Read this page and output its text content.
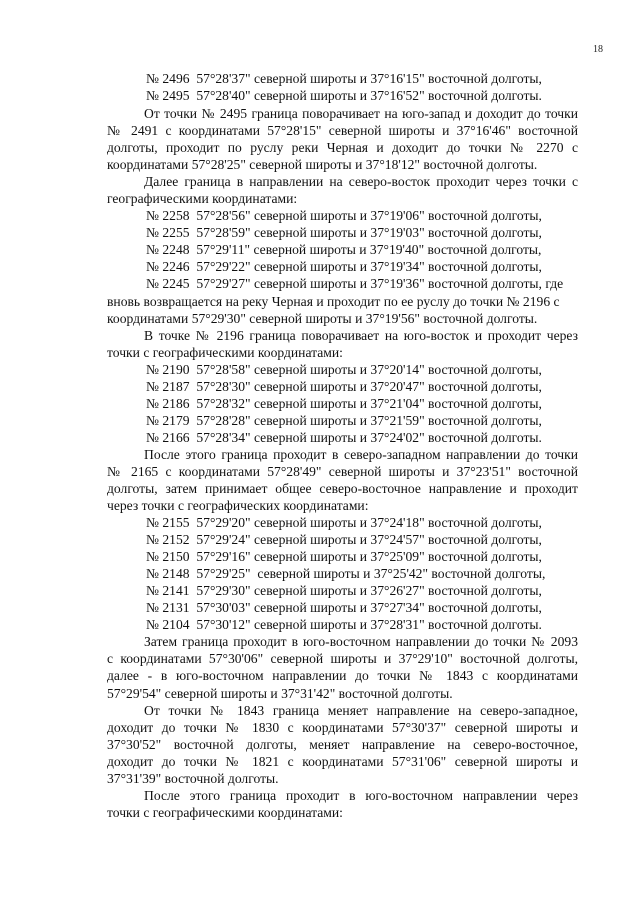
18
№ 2496  57°28'37" северной широты и 37°16'15" восточной долготы,
№ 2495  57°28'40" северной широты и 37°16'52" восточной долготы.
От точки № 2495 граница поворачивает на юго-запад и доходит до точки
№ 2491 с координатами 57°28'15" северной широты и 37°16'46" восточной
долготы, проходит по руслу реки Черная и доходит до точки № 2270 с
координатами 57°28'25" северной широты и 37°18'12" восточной долготы.
Далее граница в направлении на северо-восток проходит через точки с
географическими координатами:
№ 2258  57°28'56" северной широты и 37°19'06" восточной долготы,
№ 2255  57°28'59" северной широты и 37°19'03" восточной долготы,
№ 2248  57°29'11" северной широты и 37°19'40" восточной долготы,
№ 2246  57°29'22" северной широты и 37°19'34" восточной долготы,
№ 2245  57°29'27" северной широты и 37°19'36" восточной долготы, где
вновь возвращается на реку Черная и проходит по ее руслу до точки № 2196 с
координатами 57°29'30" северной широты и 37°19'56" восточной долготы.
В точке № 2196 граница поворачивает на юго-восток и проходит через
точки с географическими координатами:
№ 2190  57°28'58" северной широты и 37°20'14" восточной долготы,
№ 2187  57°28'30" северной широты и 37°20'47" восточной долготы,
№ 2186  57°28'32" северной широты и 37°21'04" восточной долготы,
№ 2179  57°28'28" северной широты и 37°21'59" восточной долготы,
№ 2166  57°28'34" северной широты и 37°24'02" восточной долготы.
После этого граница проходит в северо-западном направлении до точки
№ 2165 с координатами 57°28'49" северной широты и 37°23'51" восточной
долготы, затем принимает общее северо-восточное направление и проходит
через точки с географических координатами:
№ 2155  57°29'20" северной широты и 37°24'18" восточной долготы,
№ 2152  57°29'24" северной широты и 37°24'57" восточной долготы,
№ 2150  57°29'16" северной широты и 37°25'09" восточной долготы,
№ 2148  57°29'25"  северной широты и 37°25'42" восточной долготы,
№ 2141  57°29'30" северной широты и 37°26'27" восточной долготы,
№ 2131  57°30'03" северной широты и 37°27'34" восточной долготы,
№ 2104  57°30'12" северной широты и 37°28'31" восточной долготы.
Затем граница проходит в юго-восточном направлении до точки № 2093
с координатами 57°30'06" северной широты и 37°29'10" восточной долготы,
далее - в юго-восточном направлении до точки № 1843 с координатами
57°29'54" северной широты и 37°31'42" восточной долготы.
От точки № 1843 граница меняет направление на северо-западное,
доходит до точки № 1830 с координатами 57°30'37" северной широты и
37°30'52" восточной долготы, меняет направление на северо-восточное,
доходит до точки № 1821 с координатами 57°31'06" северной широты и
37°31'39" восточной долготы.
После этого граница проходит в юго-восточном направлении через
точки с географическими координатами:
